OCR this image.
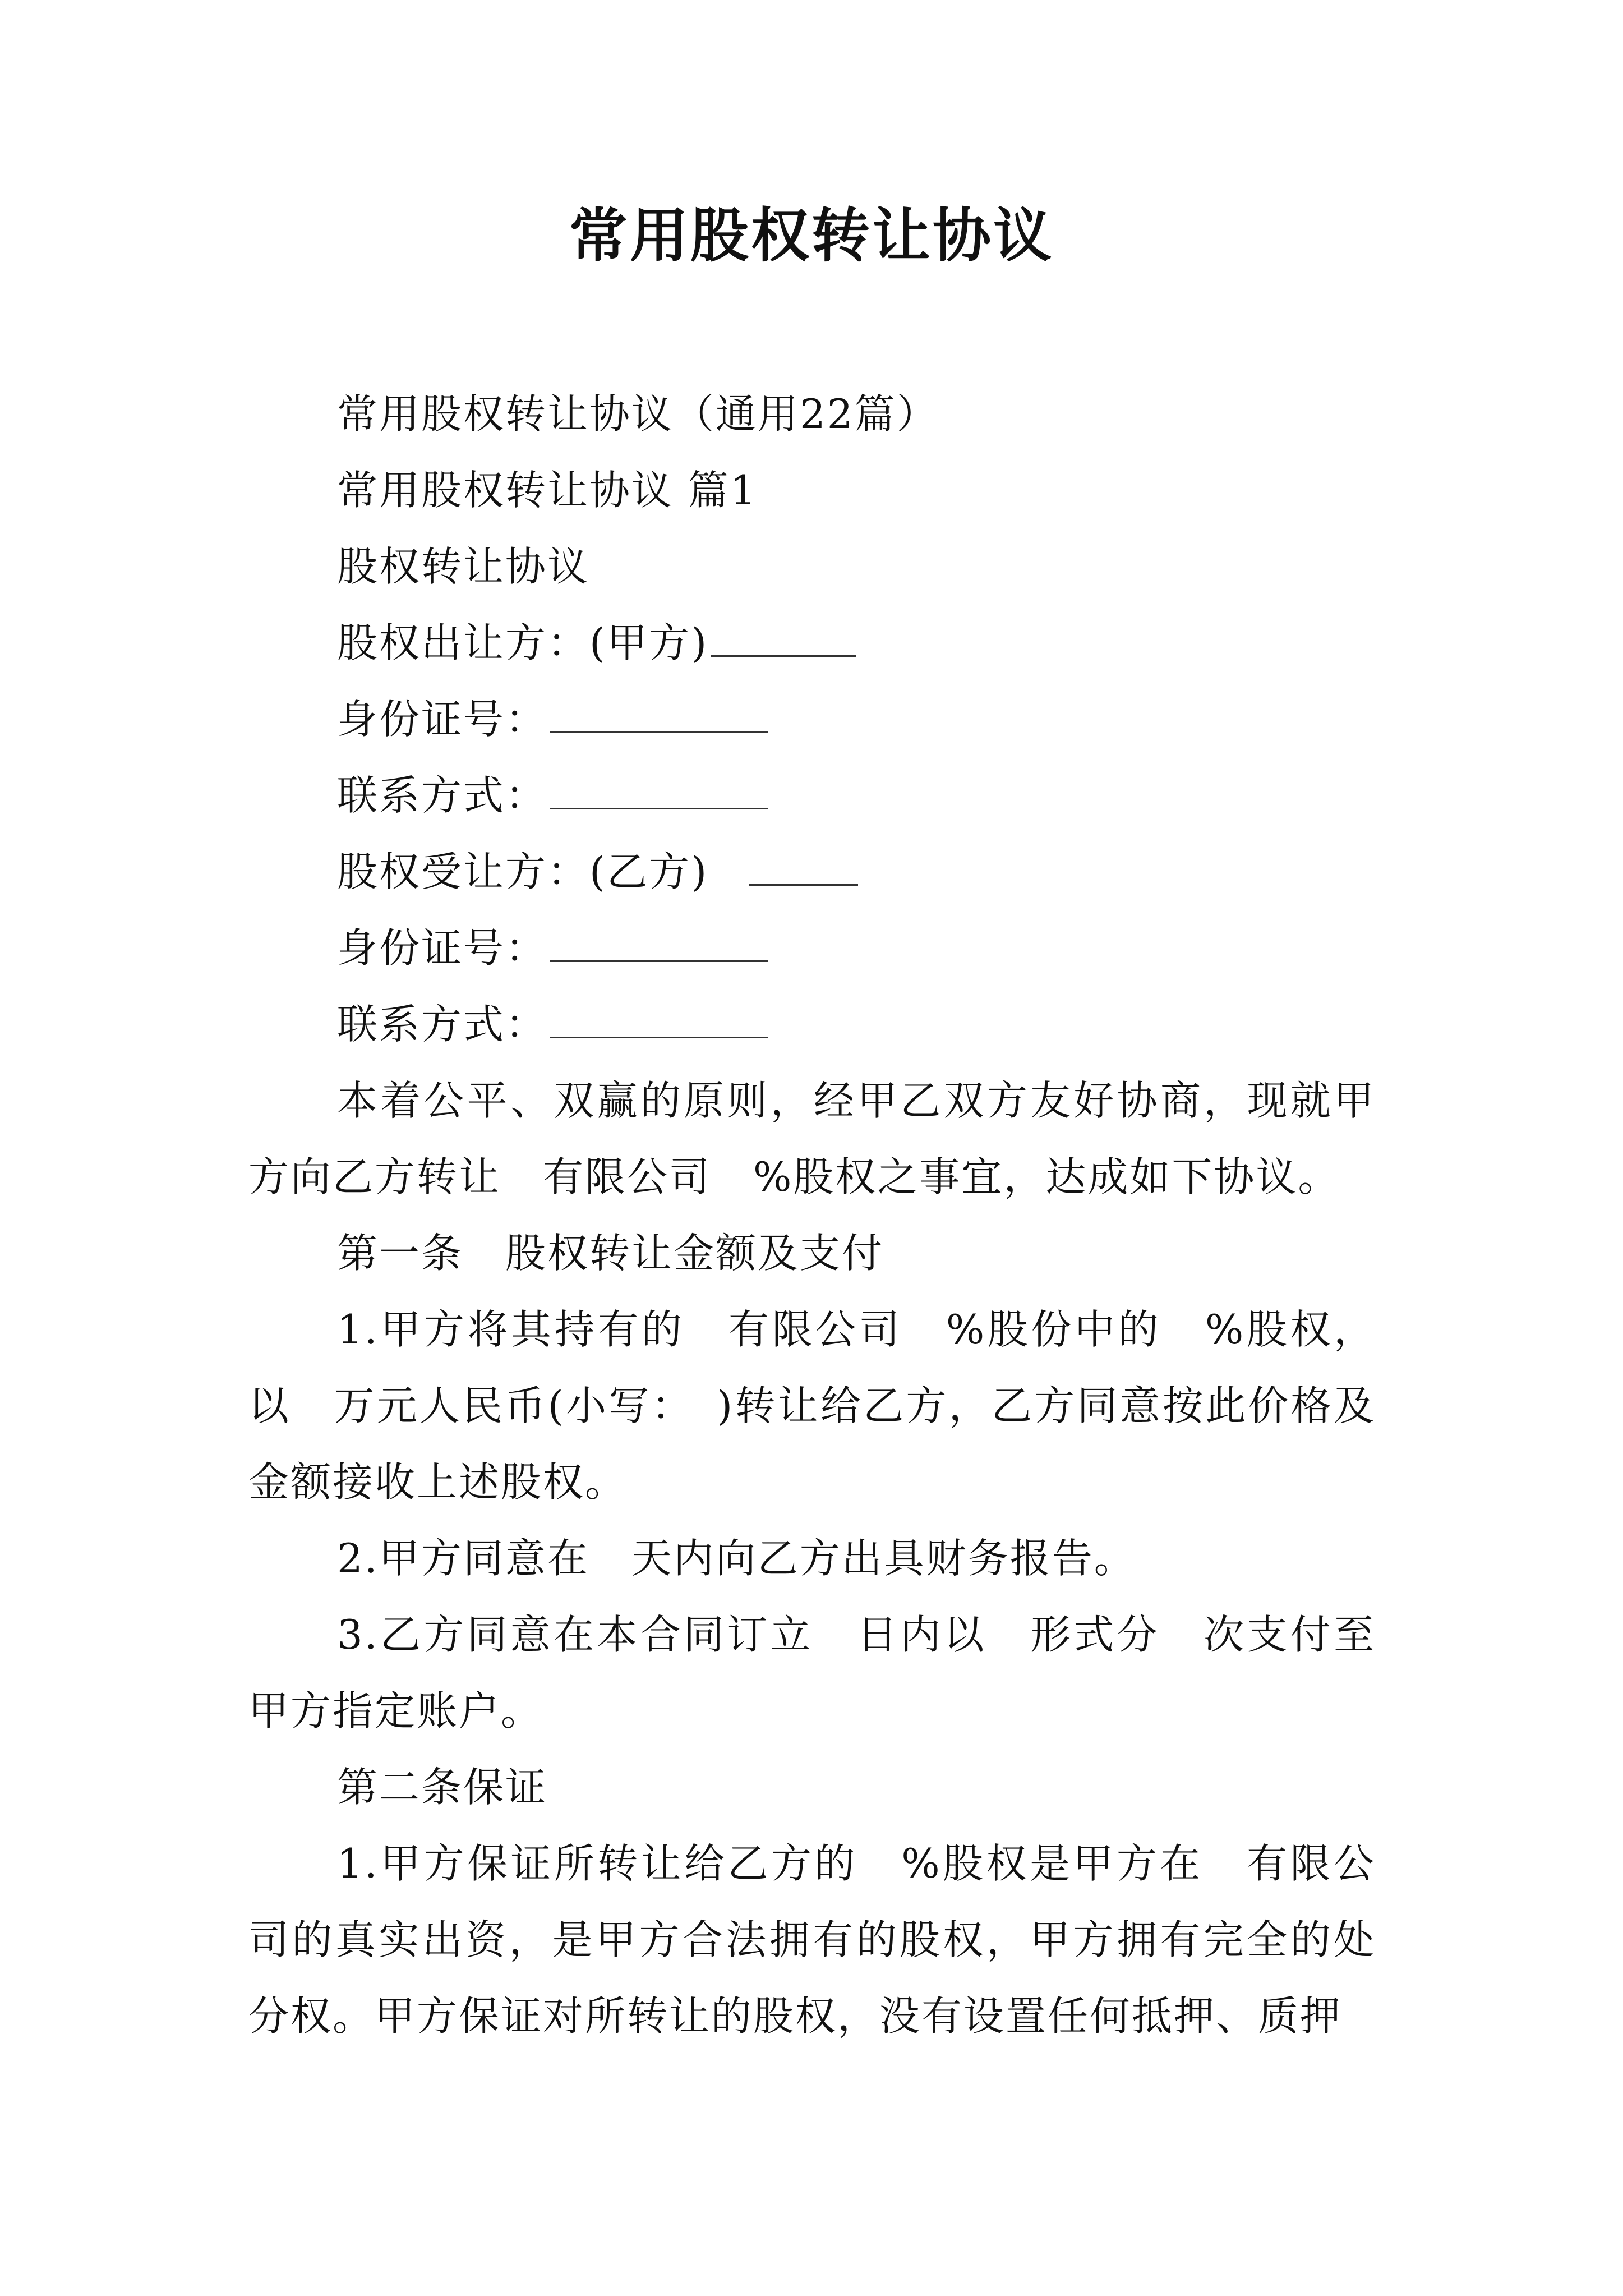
常用股权转让协议

常用股权转让协议（通用22篇）

常用股权转让协议 篇1

股权转让协议

股权出让方：(甲方)

身份证号：

联系方式：

股权受让方：(乙方)

身份证号：

联系方式：

本着公平、双赢的原则，经甲乙双方友好协商，现就甲方向乙方转让　有限公司　%股权之事宜，达成如下协议。

第一条　股权转让金额及支付

1.甲方将其持有的　有限公司　%股份中的　%股权，以　万元人民币(小写：　)转让给乙方，乙方同意按此价格及金额接收上述股权。

2.甲方同意在　天内向乙方出具财务报告。

3.乙方同意在本合同订立　日内以　形式分　次支付至甲方指定账户。

第二条保证

1.甲方保证所转让给乙方的　%股权是甲方在　有限公司的真实出资，是甲方合法拥有的股权，甲方拥有完全的处分权。甲方保证对所转让的股权，没有设置任何抵押、质押
